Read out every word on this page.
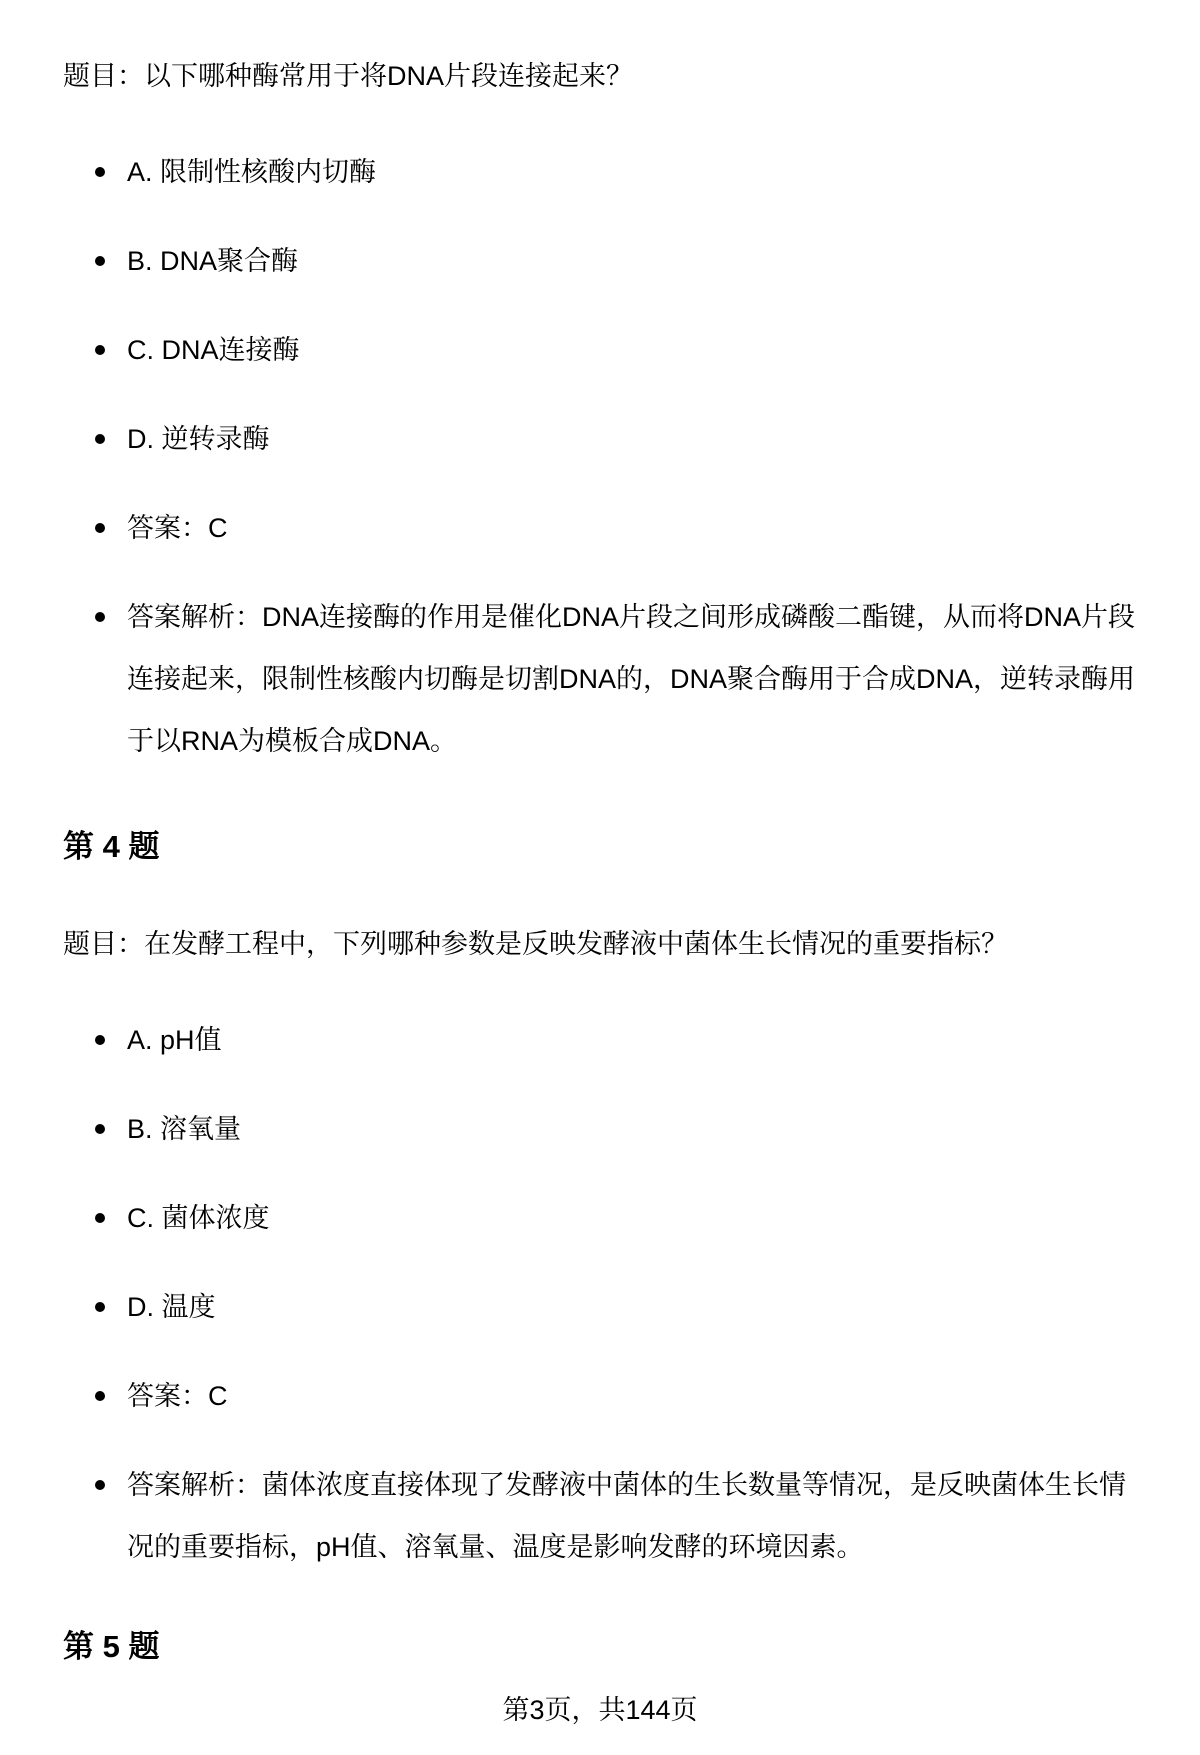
题目：以下哪种酶常用于将DNA片段连接起来？

A. 限制性核酸内切酶
B. DNA聚合酶
C. DNA连接酶
D. 逆转录酶
答案：C
答案解析：DNA连接酶的作用是催化DNA片段之间形成磷酸二酯键，从而将DNA片段连接起来，限制性核酸内切酶是切割DNA的，DNA聚合酶用于合成DNA，逆转录酶用于以RNA为模板合成DNA。
第 4 题

题目：在发酵工程中，下列哪种参数是反映发酵液中菌体生长情况的重要指标？

A. pH值
B. 溶氧量
C. 菌体浓度
D. 温度
答案：C
答案解析：菌体浓度直接体现了发酵液中菌体的生长数量等情况，是反映菌体生长情况的重要指标，pH值、溶氧量、温度是影响发酵的环境因素。
第 5 题
第3页，共144页
